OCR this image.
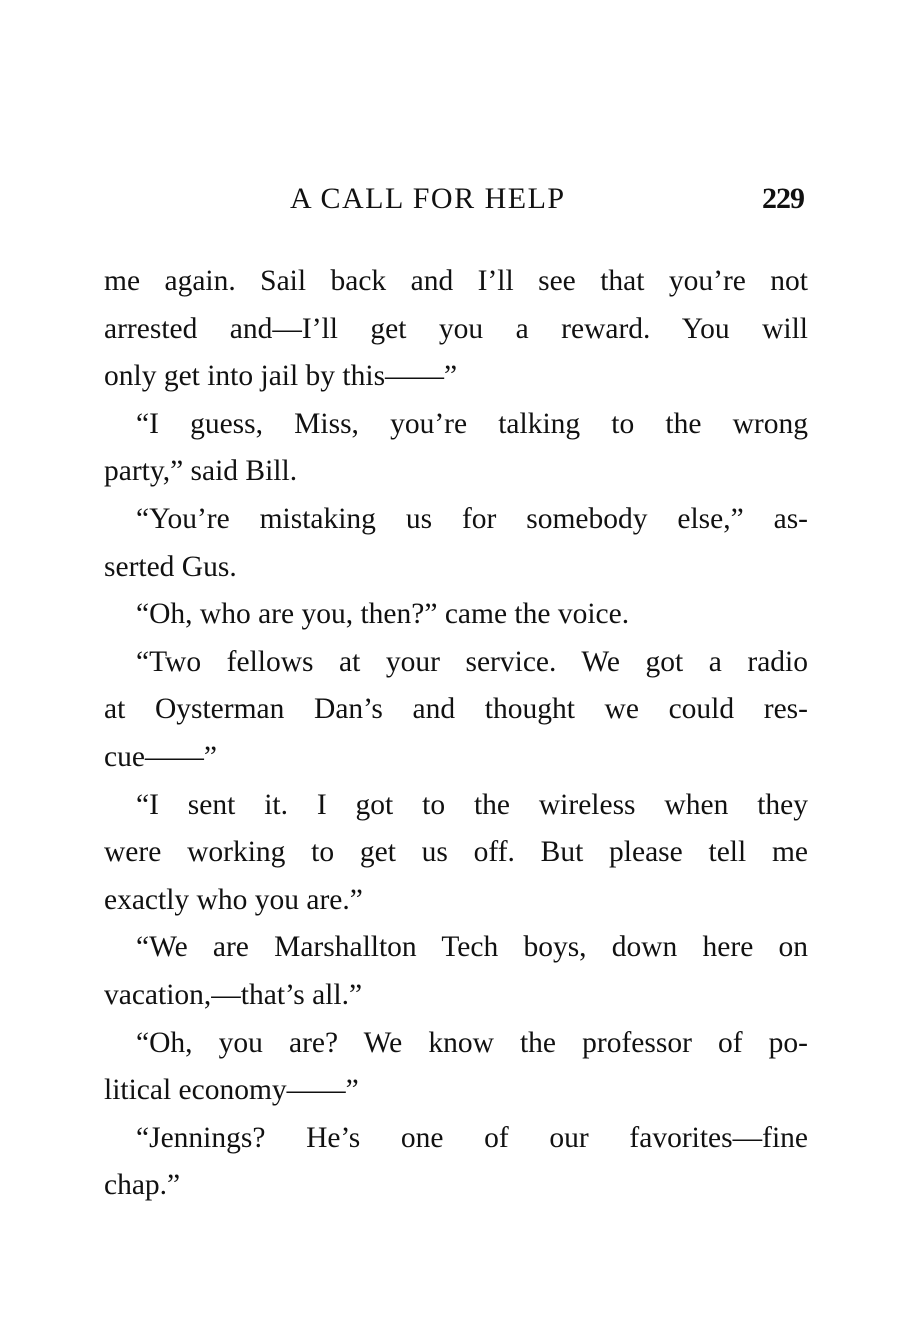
A CALL FOR HELP	229

me again. Sail back and I’ll see that you’re not
arrested and—I’ll get you a reward. You will
only get into jail by this——”

“I guess, Miss, you’re talking to the wrong
party,” said Bill.

“You’re mistaking us for somebody else,” as-
serted Gus.

“Oh, who are you, then?” came the voice.

“Two fellows at your service. We got a radio
at Oysterman Dan’s and thought we could res-
cue——”

“I sent it. I got to the wireless when they
were working to get us off. But please tell me
exactly who you are.”

“We are Marshallton Tech boys, down here on
vacation,—that’s all.”

“Oh, you are? We know the professor of po-
litical economy——”

“Jennings? He’s one of our favorites—fine
chap.”
